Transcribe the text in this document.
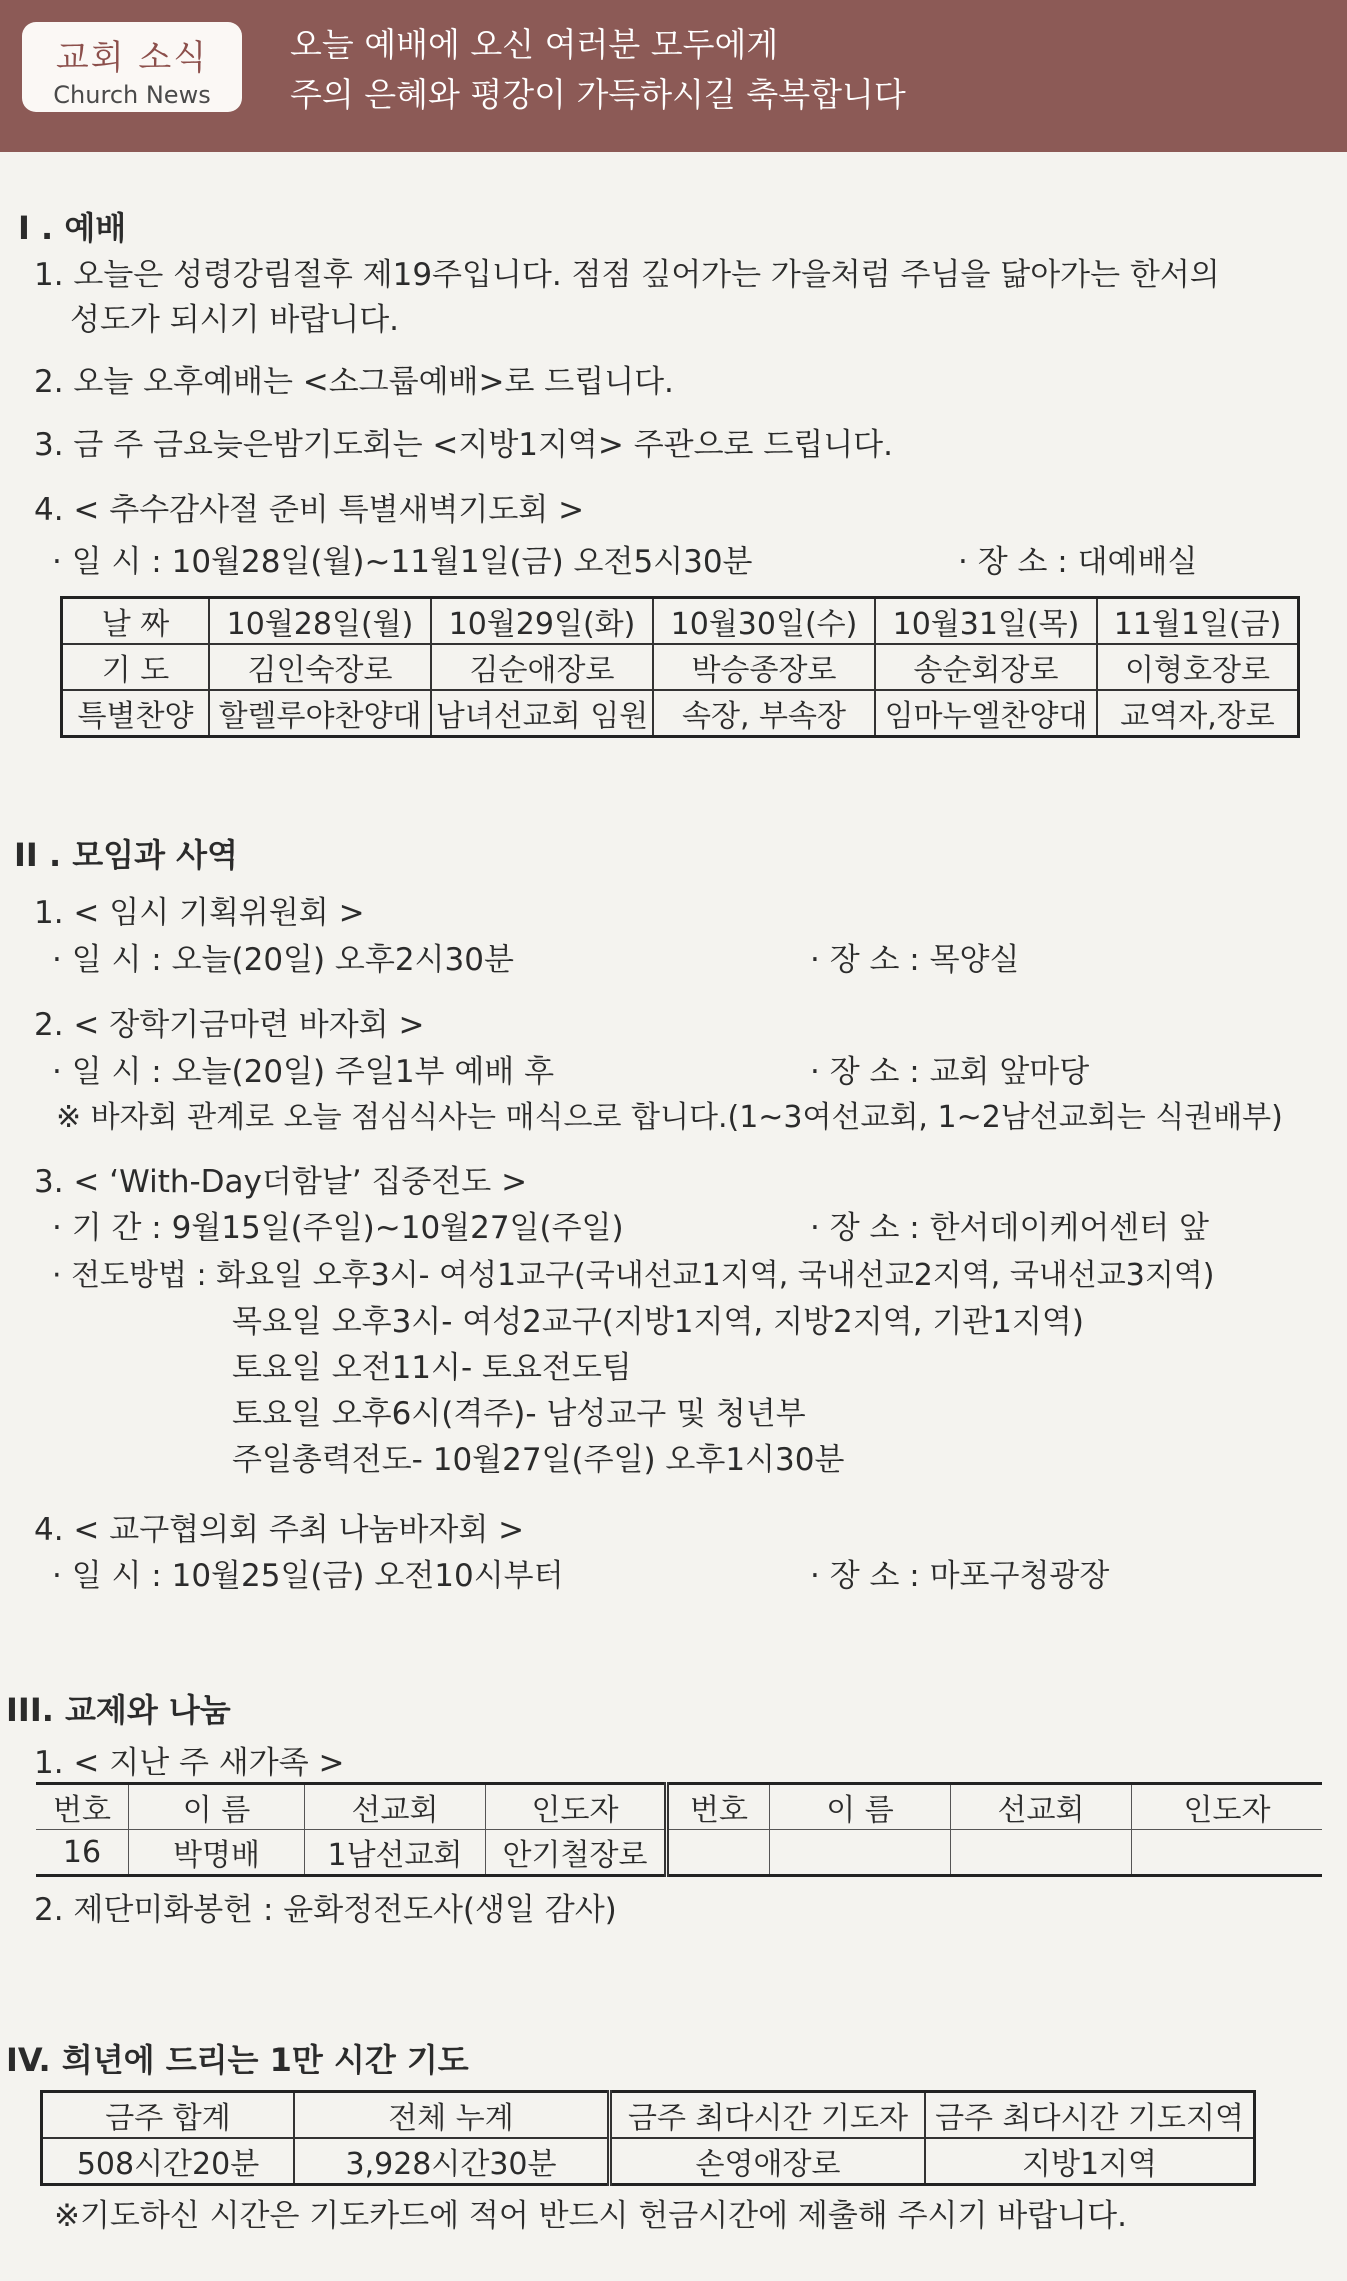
교회 소식
Church News
오늘 예배에 오신 여러분 모두에게
주의 은혜와 평강이 가득하시길 축복합니다
I . 예배
1. 오늘은 성령강림절후 제19주입니다. 점점 깊어가는 가을처럼 주님을 닮아가는 한서의
성도가 되시기 바랍니다.
2. 오늘 오후예배는 <소그룹예배>로 드립니다.
3. 금 주 금요늦은밤기도회는 <지방1지역> 주관으로 드립니다.
4. < 추수감사절 준비 특별새벽기도회 >
· 일 시 : 10월28일(월)~11월1일(금) 오전5시30분	· 장 소 : 대예배실
날 짜	10월28일(월)	10월29일(화)	10월30일(수)	10월31일(목)	11월1일(금)
기 도	김인숙장로	김순애장로	박승종장로	송순회장로	이형호장로
특별찬양	할렐루야찬양대	남녀선교회 임원	속장, 부속장	임마누엘찬양대	교역자,장로
II . 모임과 사역
1. < 임시 기획위원회 >
· 일 시 : 오늘(20일) 오후2시30분	· 장 소 : 목양실
2. < 장학기금마련 바자회 >
· 일 시 : 오늘(20일) 주일1부 예배 후	· 장 소 : 교회 앞마당
※ 바자회 관계로 오늘 점심식사는 매식으로 합니다.(1~3여선교회, 1~2남선교회는 식권배부)
3. < ‘With-Day더함날’ 집중전도 >
· 기 간 : 9월15일(주일)~10월27일(주일)	· 장 소 : 한서데이케어센터 앞
· 전도방법 : 화요일 오후3시- 여성1교구(국내선교1지역, 국내선교2지역, 국내선교3지역)
목요일 오후3시- 여성2교구(지방1지역, 지방2지역, 기관1지역)
토요일 오전11시- 토요전도팀
토요일 오후6시(격주)- 남성교구 및 청년부
주일총력전도- 10월27일(주일) 오후1시30분
4. < 교구협의회 주최 나눔바자회 >
· 일 시 : 10월25일(금) 오전10시부터	· 장 소 : 마포구청광장
III. 교제와 나눔
1. < 지난 주 새가족 >
번호	이 름	선교회	인도자	번호	이 름	선교회	인도자
16	박명배	1남선교회	안기철장로				
2. 제단미화봉헌 : 윤화정전도사(생일 감사)
IV. 희년에 드리는 1만 시간 기도
금주 합계	전체 누계	금주 최다시간 기도자	금주 최다시간 기도지역
508시간20분	3,928시간30분	손영애장로	지방1지역
※기도하신 시간은 기도카드에 적어 반드시 헌금시간에 제출해 주시기 바랍니다.
